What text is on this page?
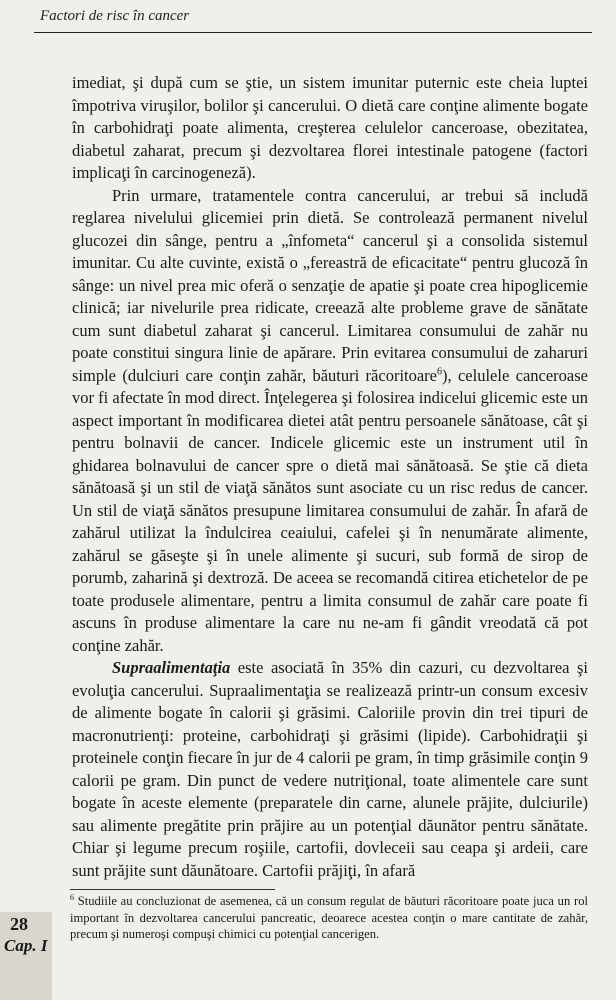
Factori de risc în cancer

imediat, şi după cum se ştie, un sistem imunitar puternic este cheia luptei împotriva viruşilor, bolilor şi cancerului. O dietă care conţine alimente bogate în carbohidraţi poate alimenta, creşterea celulelor canceroase, obezitatea, diabetul zaharat, precum şi dezvoltarea florei intestinale patogene (factori implicaţi în carcinogeneză).

Prin urmare, tratamentele contra cancerului, ar trebui să includă reglarea nivelului glicemiei prin dietă. Se controlează permanent nivelul glucozei din sânge, pentru a „înfometa“ cancerul şi a consolida sistemul imunitar. Cu alte cuvinte, există o „fereastră de eficacitate“ pentru glucoză în sânge: un nivel prea mic oferă o senzaţie de apatie şi poate crea hipoglicemie clinică; iar nivelurile prea ridicate, creează alte probleme grave de sănătate cum sunt diabetul zaharat şi cancerul. Limitarea consumului de zahăr nu poate constitui singura linie de apărare. Prin evitarea consumului de zaharuri simple (dulciuri care conţin zahăr, băuturi răcoritoare$^6$), celulele canceroase vor fi afectate în mod direct. Înţelegerea şi folosirea indicelui glicemic este un aspect important în modificarea dietei atât pentru persoanele sănătoase, cât şi pentru bolnavii de cancer. Indicele glicemic este un instrument util în ghidarea bolnavului de cancer spre o dietă mai sănătoasă. Se ştie că dieta sănătoasă şi un stil de viaţă sănătos sunt asociate cu un risc redus de cancer. Un stil de viaţă sănătos presupune limitarea consumului de zahăr. În afară de zahărul utilizat la îndulcirea ceaiului, cafelei şi în nenumărate alimente, zahărul se găseşte şi în unele alimente şi sucuri, sub formă de sirop de porumb, zaharină şi dextroză. De aceea se recomandă citirea etichetelor de pe toate produsele alimentare, pentru a limita consumul de zahăr care poate fi ascuns în produse alimentare la care nu ne-am fi gândit vreodată că pot conţine zahăr.

Supraalimentaţia este asociată în 35% din cazuri, cu dezvoltarea şi evoluţia cancerului. Supraalimentaţia se realizează printr-un consum excesiv de alimente bogate în calorii şi grăsimi. Caloriile provin din trei tipuri de macronutrienţi: proteine, carbohidraţi şi grăsimi (lipide). Carbohidraţii şi proteinele conţin fiecare în jur de 4 calorii pe gram, în timp grăsimile conţin 9 calorii pe gram. Din punct de vedere nutriţional, toate alimentele care sunt bogate în aceste elemente (preparatele din carne, alunele prăjite, dulciurile) sau alimente pregătite prin prăjire au un potenţial dăunător pentru sănătate. Chiar şi legume precum roşiile, cartofii, dovleceii sau ceapa şi ardeii, care sunt prăjite sunt dăunătoare. Cartofii prăjiţi, în afară

$^6$ Studiile au concluzionat de asemenea, că un consum regulat de băuturi răcoritoare poate juca un rol important în dezvoltarea cancerului pancreatic, deoarece acestea conţin o mare cantitate de zahăr, precum şi numeroşi compuşi chimici cu potenţial cancerigen.
28
Cap. I
